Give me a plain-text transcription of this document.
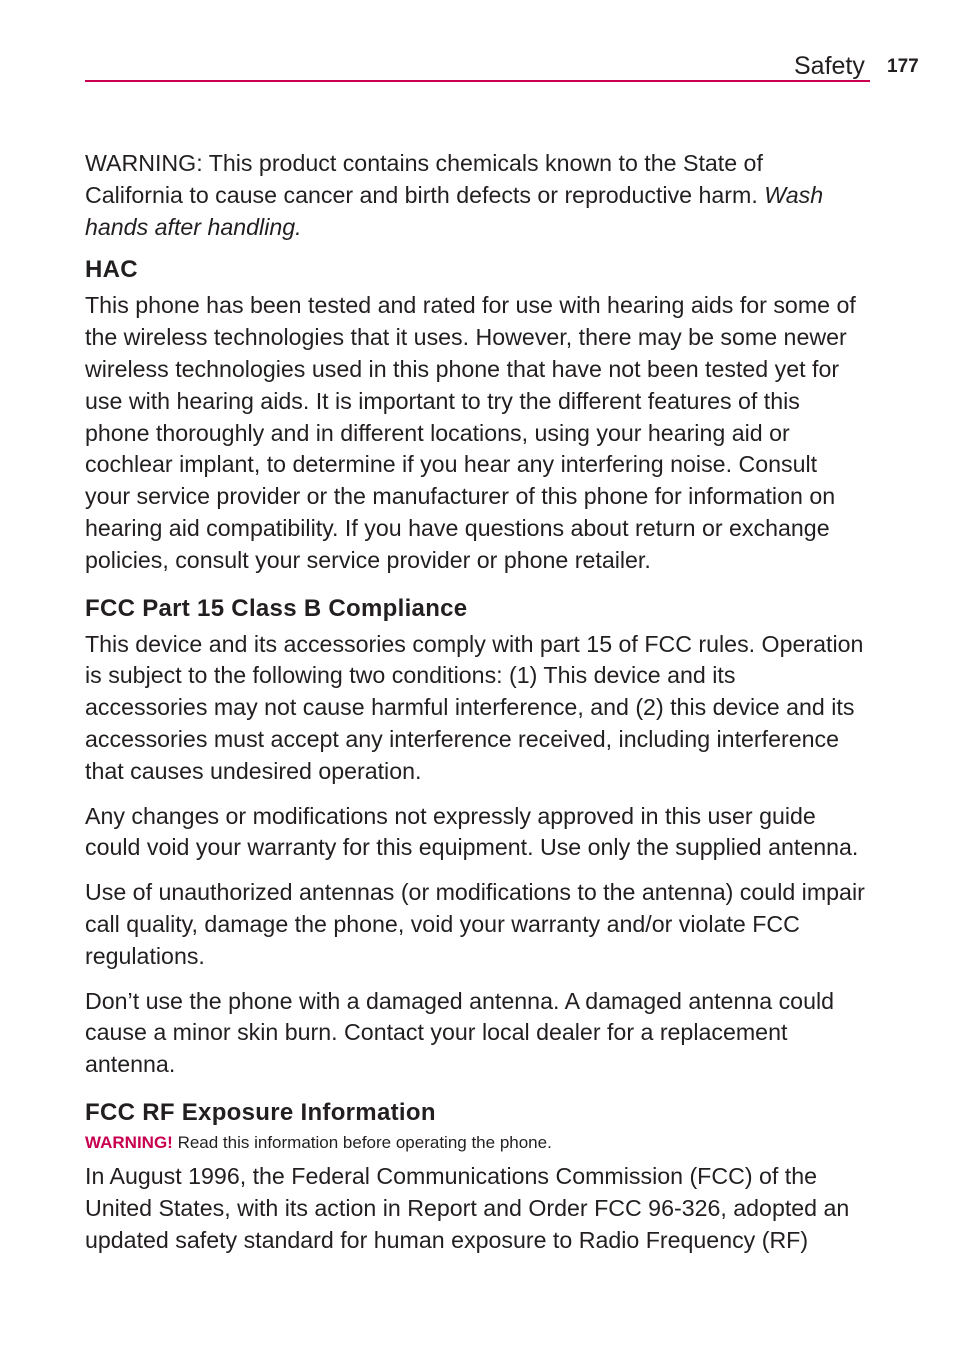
Safety 177

WARNING: This product contains chemicals known to the State of
California to cause cancer and birth defects or reproductive harm. Wash
hands after handling.

HAC

This phone has been tested and rated for use with hearing aids for some of
the wireless technologies that it uses. However, there may be some newer
wireless technologies used in this phone that have not been tested yet for
use with hearing aids. It is important to try the different features of this
phone thoroughly and in different locations, using your hearing aid or
cochlear implant, to determine if you hear any interfering noise. Consult
your service provider or the manufacturer of this phone for information on
hearing aid compatibility. If you have questions about return or exchange
policies, consult your service provider or phone retailer.

FCC Part 15 Class B Compliance

This device and its accessories comply with part 15 of FCC rules. Operation
is subject to the following two conditions: (1) This device and its
accessories may not cause harmful interference, and (2) this device and its
accessories must accept any interference received, including interference
that causes undesired operation.

Any changes or modifications not expressly approved in this user guide
could void your warranty for this equipment. Use only the supplied antenna.

Use of unauthorized antennas (or modifications to the antenna) could impair
call quality, damage the phone, void your warranty and/or violate FCC
regulations.

Don’t use the phone with a damaged antenna. A damaged antenna could
cause a minor skin burn. Contact your local dealer for a replacement
antenna.

FCC RF Exposure Information

WARNING! Read this information before operating the phone.

In August 1996, the Federal Communications Commission (FCC) of the
United States, with its action in Report and Order FCC 96-326, adopted an
updated safety standard for human exposure to Radio Frequency (RF)
